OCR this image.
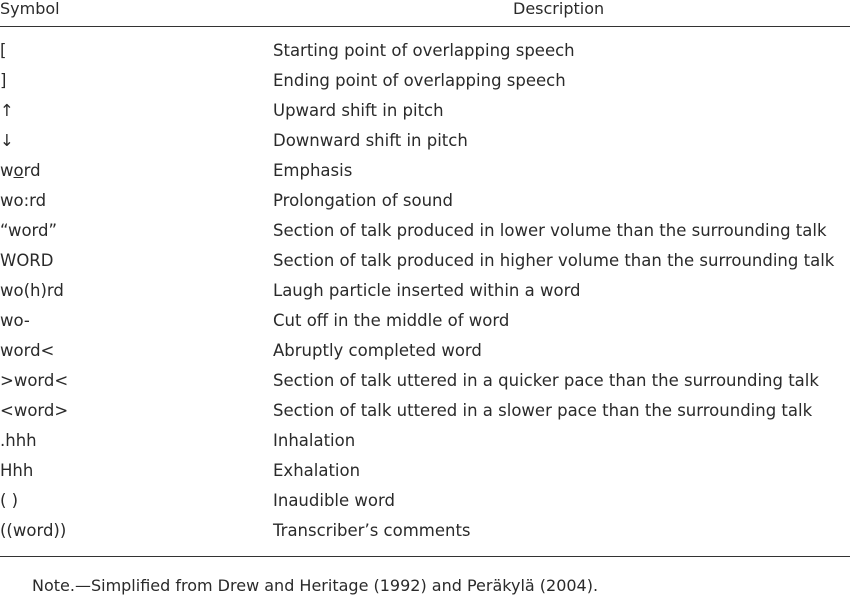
Symbol	Description
[	Starting point of overlapping speech
]	Ending point of overlapping speech
↑	Upward shift in pitch
↓	Downward shift in pitch
word	Emphasis
wo:rd	Prolongation of sound
“word”	Section of talk produced in lower volume than the surrounding talk
WORD	Section of talk produced in higher volume than the surrounding talk
wo(h)rd	Laugh particle inserted within a word
wo-	Cut off in the middle of word
word<	Abruptly completed word
>word<	Section of talk uttered in a quicker pace than the surrounding talk
<word>	Section of talk uttered in a slower pace than the surrounding talk
.hhh	Inhalation
Hhh	Exhalation
( )	Inaudible word
((word))	Transcriber’s comments
Note.—Simplified from Drew and Heritage (1992) and Peräkylä (2004).
